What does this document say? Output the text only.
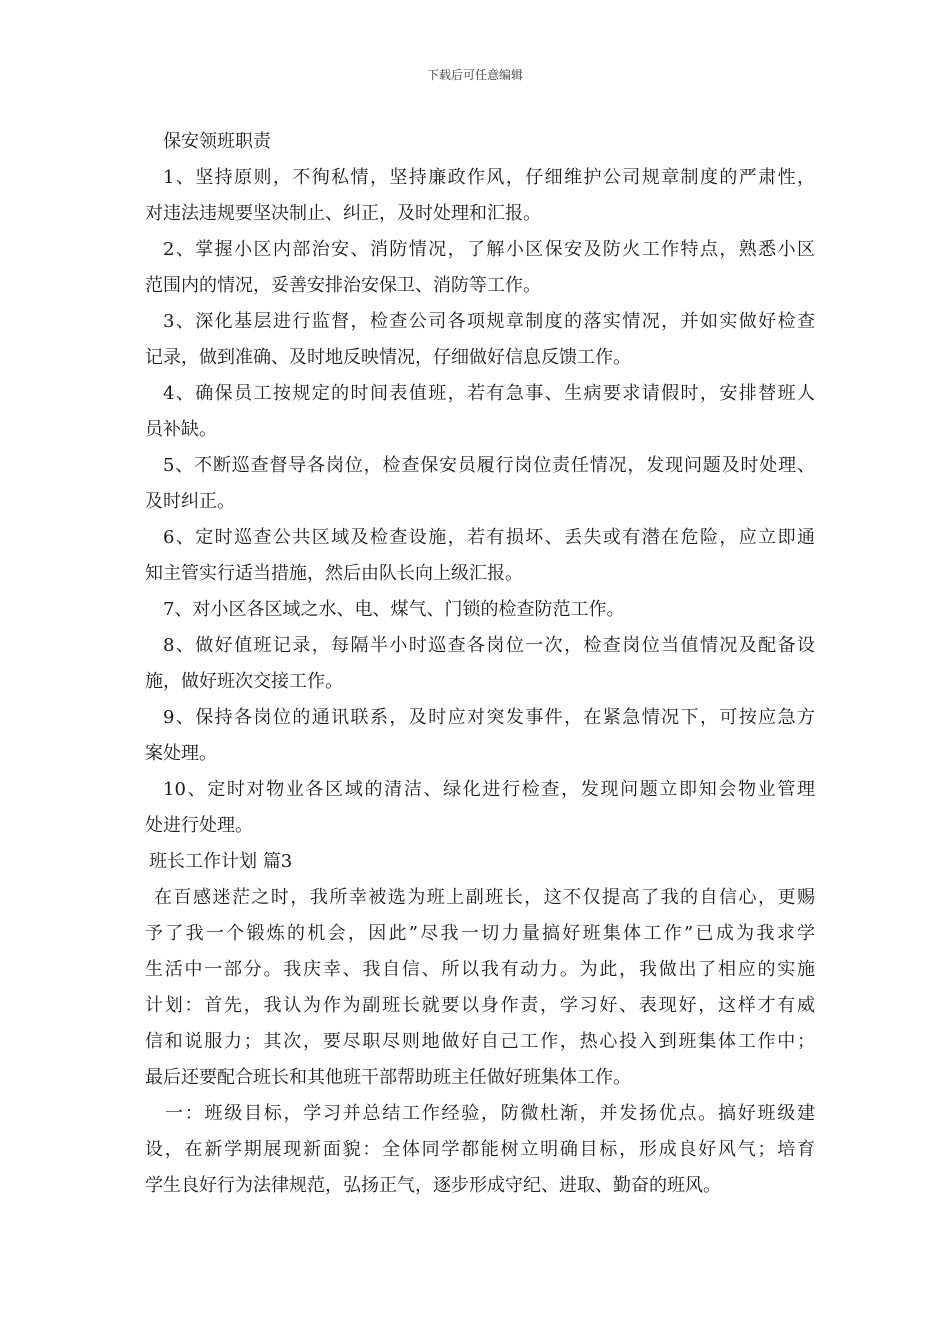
下载后可任意编辑
保安领班职责
1、坚持原则，不徇私情，坚持廉政作风，仔细维护公司规章制度的严肃性，
对违法违规要坚决制止、纠正，及时处理和汇报。
2、掌握小区内部治安、消防情况，了解小区保安及防火工作特点，熟悉小区
范围内的情况，妥善安排治安保卫、消防等工作。
3、深化基层进行监督，检查公司各项规章制度的落实情况，并如实做好检查
记录，做到准确、及时地反映情况，仔细做好信息反馈工作。
4、确保员工按规定的时间表值班，若有急事、生病要求请假时，安排替班人
员补缺。
5、不断巡查督导各岗位，检查保安员履行岗位责任情况，发现问题及时处理、
及时纠正。
6、定时巡查公共区域及检查设施，若有损坏、丢失或有潜在危险，应立即通
知主管实行适当措施，然后由队长向上级汇报。
7、对小区各区域之水、电、煤气、门锁的检查防范工作。
8、做好值班记录，每隔半小时巡查各岗位一次，检查岗位当值情况及配备设
施，做好班次交接工作。
9、保持各岗位的通讯联系，及时应对突发事件，在紧急情况下，可按应急方
案处理。
10、定时对物业各区域的清洁、绿化进行检查，发现问题立即知会物业管理
处进行处理。
班长工作计划 篇3
在百感迷茫之时，我所幸被选为班上副班长，这不仅提高了我的自信心，更赐
予了我一个锻炼的机会，因此”尽我一切力量搞好班集体工作”已成为我求学
生活中一部分。我庆幸、我自信、所以我有动力。为此，我做出了相应的实施
计划：首先，我认为作为副班长就要以身作责，学习好、表现好，这样才有威
信和说服力；其次，要尽职尽则地做好自己工作，热心投入到班集体工作中；
最后还要配合班长和其他班干部帮助班主任做好班集体工作。
一：班级目标，学习并总结工作经验，防微杜渐，并发扬优点。搞好班级建
设，在新学期展现新面貌：全体同学都能树立明确目标，形成良好风气；培育
学生良好行为法律规范，弘扬正气，逐步形成守纪、进取、勤奋的班风。
